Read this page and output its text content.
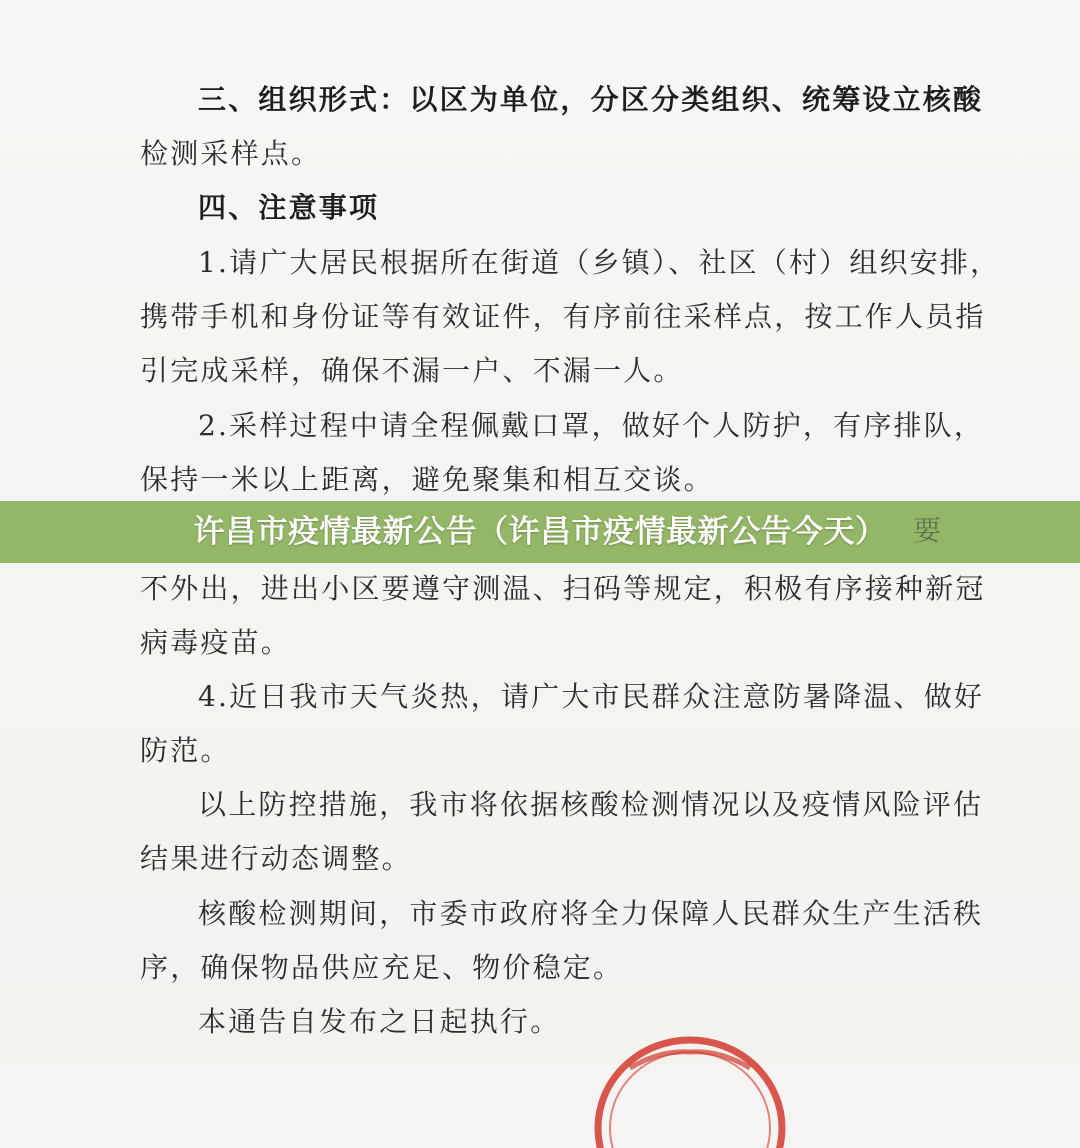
三、组织形式：以区为单位，分区分类组织、统筹设立核酸
检测采样点。
四、注意事项
1.请广大居民根据所在街道（乡镇）、社区（村）组织安排，
携带手机和身份证等有效证件，有序前往采样点，按工作人员指
引完成采样，确保不漏一户、不漏一人。
2.采样过程中请全程佩戴口罩，做好个人防护，有序排队，
保持一米以上距离，避免聚集和相互交谈。
不外出，进出小区要遵守测温、扫码等规定，积极有序接种新冠
病毒疫苗。
4.近日我市天气炎热，请广大市民群众注意防暑降温、做好
防范。
以上防控措施，我市将依据核酸检测情况以及疫情风险评估
结果进行动态调整。
核酸检测期间，市委市政府将全力保障人民群众生产生活秩
序，确保物品供应充足、物价稳定。
本通告自发布之日起执行。
要
许昌市疫情最新公告（许昌市疫情最新公告今天）
